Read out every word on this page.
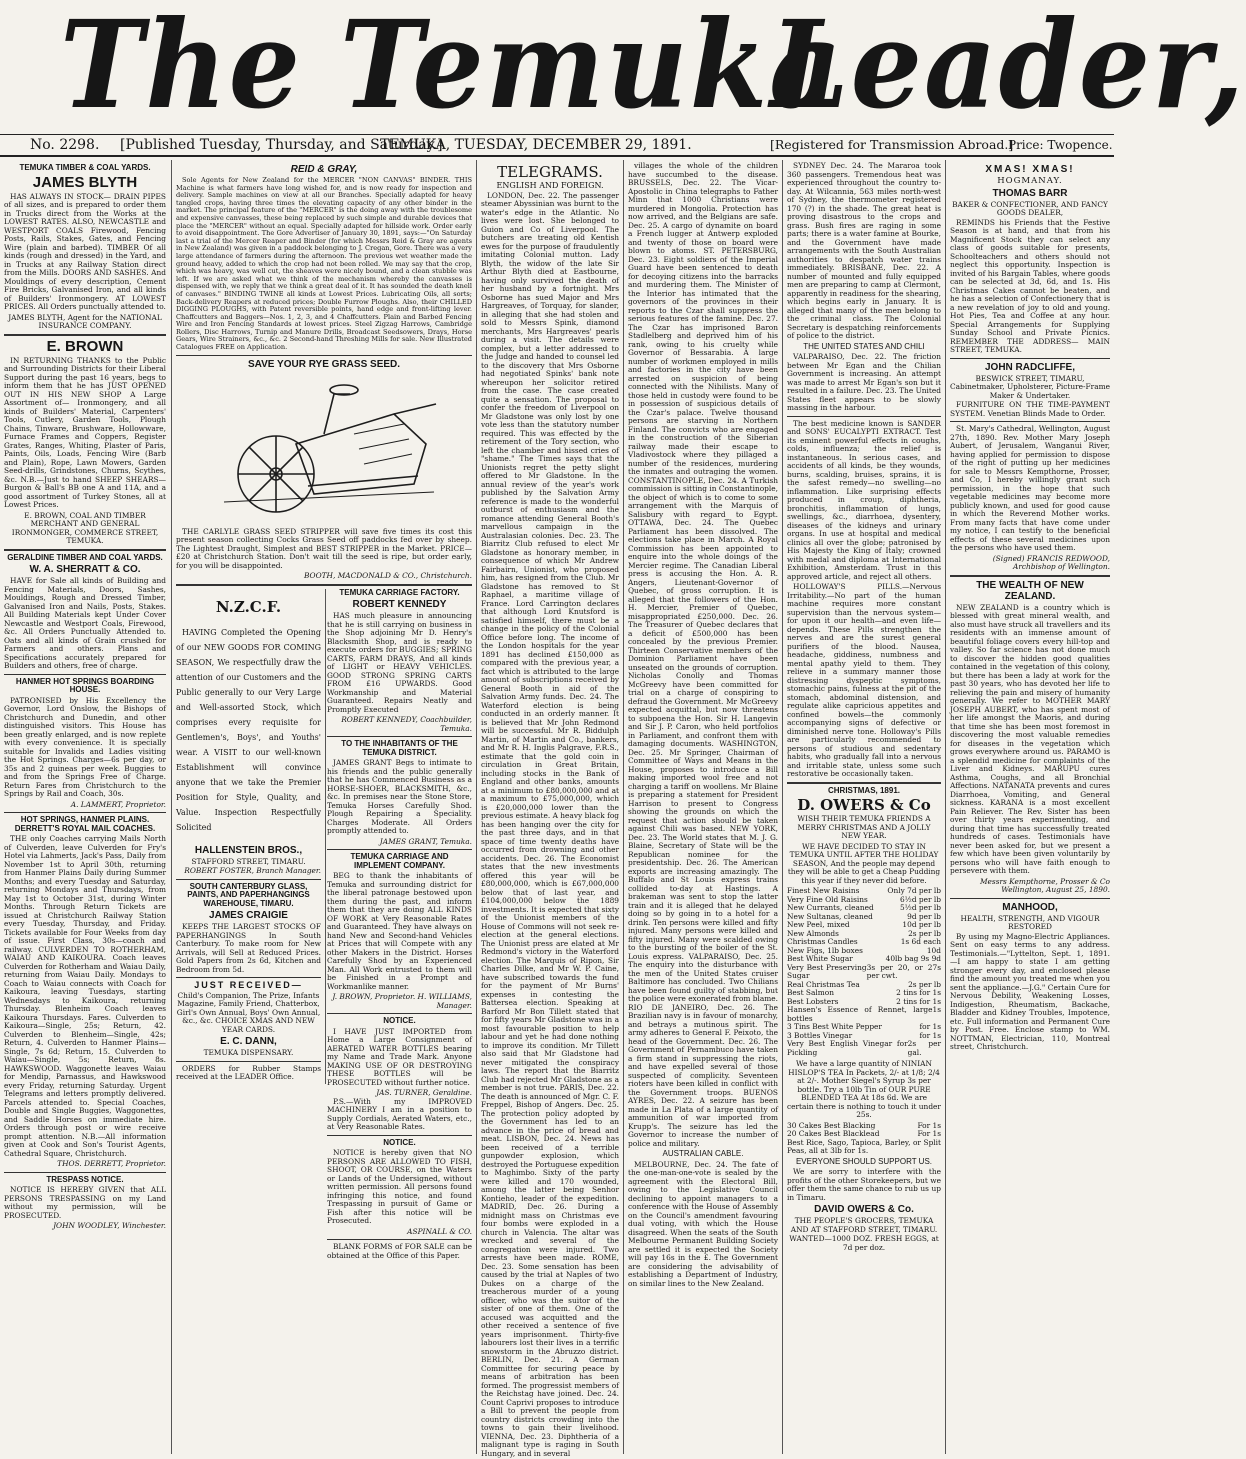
The Temuka
Leader,
No. 2298. [Published Tuesday, Thursday, and Saturday.]
TEMUKA, TUESDAY, DECEMBER 29, 1891.	[Registered for Transmission Abroad.]
Price: Twopence.
TEMUKA TIMBER & COAL YARDS.
JAMES BLYTH

HAS ALWAYS IN STOCK— DRAIN PIPES of all sizes, and is prepared to order them in Trucks direct from the Works at the LOWEST RATES. ALSO, NEWCASTLE and WESTPORT COALS Firewood, Fencing Posts, Rails, Stakes, Gates, and Fencing Wire (plain and barbed). TIMBER Of all kinds (rough and dressed) in the Yard, and in Trucks at any Railway Station direct from the Mills. DOORS AND SASHES. And Mouldings of every description, Cement Fire Bricks, Galvanised Iron, and all kinds of Builders' Ironmongery. AT LOWEST PRICES. All Orders punctually attended to.

JAMES BLYTH, Agent for the NATIONAL INSURANCE COMPANY.
E. BROWN

IN RETURNING THANKS to the Public and Surrounding Districts for their Liberal Support during the past 16 years, begs to inform them that he has JUST OPENED OUT IN HIS NEW SHOP A Large Assortment of— Ironmongery, and all kinds of Builders' Material, Carpenters' Tools, Cutlery, Garden Tools, Plough Chains, Tinware, Brushware, Hollowware, Furnace Frames and Coppers, Register Grates, Ranges, Whiting, Plaster of Paris, Paints, Oils, Loads, Fencing Wire (Barb and Plain), Rope, Lawn Mowers, Garden Seed-drills, Grindstones, Churns, Scythes, &c. N.B.—Just to hand SHEEP SHEARS— Burgon & Ball's BB one A and 11A, and a good assortment of Turkey Stones, all at Lowest Prices.

E. BROWN, COAL AND TIMBER MERCHANT AND GENERAL IRONMONGER, COMMERCE STREET, TEMUKA.
GERALDINE TIMBER AND COAL YARDS.
W. A. SHERRATT & CO.

HAVE for Sale all kinds of Building and Fencing Materials, Doors, Sashes, Mouldings, Rough and Dressed Timber, Galvanised Iron and Nails, Posts, Stakes. All Building Materials kept Under Cover Newcastle and Westport Coals, Firewood, &c. All Orders Punctually Attended to. Oats and all kinds of Grain crushed for Farmers and others. Plans and Specifications accurately prepared for Builders and others, free of charge.

HANMER HOT SPRINGS BOARDING HOUSE.

PATRONISED by His Excellency the Governor, Lord Onslow, the Bishops of Christchurch and Dunedin, and other distinguished visitors. This House has been greatly enlarged, and is now replete with every convenience. It is specially suitable for Invalids and Ladies visiting the Hot Springs. Charges—6s per day, or 35s and 2 guineas per week. Buggies to and from the Springs Free of Charge. Return Fares from Christchurch to the Springs by Rail and Coach, 30s.

A. LAMMERT, Proprietor.
HOT SPRINGS, HANMER PLAINS. DERRETT'S ROYAL MAIL COACHES.

THE only Coaches carrying Mails North of Culverden, leave Culverden for Fry's Hotel via Lahmerts, Jack's Pass, Daily from November 1st to April 30th, returning from Hanmer Plains Daily during Summer Months; and every Tuesday and Saturday, returning Mondays and Thursdays, from May 1st to October 31st, during Winter Months. Through Return Tickets are issued at Christchurch Railway Station every Tuesday, Thursday, and Friday. Tickets available for Four Weeks from day of issue. First Class, 30s—coach and railway. CULVERDEN TO ROTHERHAM, WAIAU AND KAIKOURA. Coach leaves Culverden for Rotherham and Waiau Daily, returning from Waiau Daily. Mondays to Coach to Waiau connects with Coach for Kaikoura, leaving Tuesdays, starting Wednesdays to Kaikoura, returning Thursday. Blenheim Coach leaves Kaikoura Thursdays. Fares. Culverden to Kaikoura—Single, 25s; Return, 42. Culverden to Blenheim—Single, 42s; Return, 4. Culverden to Hanmer Plains—Single, 7s 6d; Return, 15. Culverden to Waiau—Single, 5s; Return, 8s. HAWKSWOOD. Waggonette leaves Waiau for Mendip, Parnassus, and Hawkswood every Friday, returning Saturday. Urgent Telegrams and letters promptly delivered. Parcels attended to. Special Coaches, Double and Single Buggies, Waggonettes, and Saddle Horses on immediate hire. Orders through post or wire receive prompt attention. N.B.—All information given at Cook and Son's Tourist Agents, Cathedral Square, Christchurch.

THOS. DERRETT, Proprietor.
TRESPASS NOTICE.

NOTICE IS HEREBY GIVEN that ALL PERSONS TRESPASSING on my Land without my permission, will be PROSECUTED.

JOHN WOODLEY, Winchester.
REID & GRAY,

Sole Agents for New Zealand for the MERCER "NON CANVAS" BINDER. THIS Machine is what farmers have long wished for, and is now ready for inspection and delivery. Sample machines on view at all our Branches. Specially adapted for heavy tangled crops, having three times the elevating capacity of any other binder in the market. The principal feature of the "MERCER" is the doing away with the troublesome and expensive canvasses, these being replaced by such simple and durable devices that place the "MERCER" without an equal. Specially adapted for hillside work. Order early to avoid disappointment. The Gore Advertiser of January 30, 1891, says:—"On Saturday last a trial of the Mercer Reaper and Binder (for which Messrs Reid & Gray are agents in New Zealand) was given in a paddock belonging to J. Cregan, Gore. There was a very large attendance of farmers during the afternoon. The previous wet weather made the ground heavy, added to which the crop had not been rolled. We may say that the crop, which was heavy, was well cut, the sheaves were nicely bound, and a clean stubble was left. If we are asked what we think of the mechanism whereby the canvasses is dispensed with, we reply that we think a great deal of it. It has sounded the death knell of canvases." BINDING TWINE all kinds at Lowest Prices. Lubricating Oils, all sorts; Back-delivery Reapers at reduced prices; Double Furrow Ploughs. Also, their CHILLED DIGGING PLOUGHS, with Patent reversible points, hand edge and front-lifting lever. Chaffcutters and Baggers—Nos. 1, 2, 3, and 4 Chaffcutters. Plain and Barbed Fencing Wire and Iron Fencing Standards at lowest prices. Steel Zigzag Harrows, Cambridge Rollers, Disc Harrows, Turnip and Manure Drills, Broadcast Seedsowers, Drays, Horse Gears, Wire Strainers, &c., &c. 2 Second-hand Threshing Mills for sale. New Illustrated Catalogues FREE on Application.

SAVE YOUR RYE GRASS SEED.

THE CARLYLE GRASS SEED STRIPPER will save five times its cost this present season collecting Cocks Grass Seed off paddocks fed over by sheep. The Lightest Draught, Simplest and BEST STRIPPER in the Market. PRICE—£20 at Christchurch Station. Don't wait till the seed is ripe, but order early, for you will be disappointed.

BOOTH, MACDONALD & CO., Christchurch.
N.Z.C.F.

HAVING Completed the Opening of our NEW GOODS FOR COMING SEASON, We respectfully draw the attention of our Customers and the Public generally to our Very Large and Well-assorted Stock, which comprises every requisite for Gentlemen's, Boys', and Youths' wear. A VISIT to our well-known Establishment will convince anyone that we take the Premier Position for Style, Quality, and Value. Inspection Respectfully Solicited

HALLENSTEIN BROS.,
STAFFORD STREET, TIMARU.
ROBERT FOSTER, Branch Manager.
SOUTH CANTERBURY GLASS, PAINTS, AND PAPERHANGINGS WAREHOUSE, TIMARU.
JAMES CRAIGIE

KEEPS THE LARGEST STOCKS OF PAPERHANGINGS In South Canterbury. To make room for New Arrivals, will Sell at Reduced Prices. Gold Papers from 2s 6d, Kitchen and Bedroom from 5d.

JUST RECEIVED—

Child's Companion, The Prize, Infants Magazine, Family Friend, Chatterbox, Girl's Own Annual, Boys' Own Annual, &c., &c. CHOICE XMAS AND NEW YEAR CARDS.

E. C. DANN,
TEMUKA DISPENSARY.

ORDERS for Rubber Stamps received at the LEADER Office.

TEMUKA CARRIAGE FACTORY.
ROBERT KENNEDY

HAS much pleasure in announcing that he is still carrying on business in the Shop adjoining Mr D. Henry's Blacksmith Shop, and is ready to execute orders for BUGGIES; SPRING CARTS, FARM DRAYS, And all kinds of LIGHT or HEAVY VEHICLES. GOOD STRONG SPRING CARTS FROM £16 UPWARDS. Good Workmanship and Material Guaranteed. Repairs Neatly and Promptly Executed

ROBERT KENNEDY, Coachbuilder, Temuka.
TO THE INHABITANTS OF THE TEMUKA DISTRICT.

JAMES GRANT Begs to intimate to his friends and the public generally that he has Commenced Business as a HORSE-SHOER, BLACKSMITH, &c., &c. In premises near the Stone Store, Temuka Horses Carefully Shod. Plough Repairing a Speciality. Charges Moderate. All Orders promptly attended to.

JAMES GRANT, Temuka.
TEMUKA CARRIAGE AND IMPLEMENT COMPANY.

BEG to thank the inhabitants of Temuka and surrounding district for the liberal patronage bestowed upon them during the past, and inform them that they are doing ALL KINDS OF WORK at Very Reasonable Rates and Guaranteed. They have always on hand New and Second-hand Vehicles at Prices that will Compete with any other Makers in the District. Horses Carefully Shod by an Experienced Man. All Work entrusted to them will be Finished in a Prompt and Workmanlike manner.

J. BROWN, Proprietor. H. WILLIAMS, Manager.
NOTICE.

I HAVE JUST IMPORTED from Home a Large Consignment of AERATED WATER BOTTLES bearing my Name and Trade Mark. Anyone MAKING USE OF OR DESTROYING THESE BOTTLES will be PROSECUTED without further notice.

JAS. TURNER, Geraldine.

P.S.—With my IMPROVED MACHINERY I am in a position to Supply Cordials, Aerated Waters, etc., at Very Reasonable Rates.

NOTICE.

NOTICE is hereby given that NO PERSONS ARE ALLOWED TO FISH, SHOOT, OR COURSE, on the Waters or Lands of the Undersigned, without written permission. All persons found infringing this notice, and found Trespassing in pursuit of Game or Fish after this notice will be Prosecuted.

ASPINALL & CO.

BLANK FORMS of FOR SALE can be obtained at the Office of this Paper.

TELEGRAMS.
ENGLISH AND FOREIGN.

LONDON, Dec. 22. The passenger steamer Abyssinian was burnt to the water's edge in the Atlantic. No lives were lost. She belonged to Guion and Co of Liverpool. The butchers are treating old Kentish ewes for the purpose of fraudulently imitating Colonial mutton. Lady Blyth, the widow of the late Sir Arthur Blyth died at Eastbourne, having only survived the death of her husband by a fortnight. Mrs Osborne has sued Major and Mrs Hargreaves, of Torquay, for slander, in alleging that she had stolen and sold to Messrs Spink, diamond merchants, Mrs Hargreaves' pearls during a visit. The details were complex, but a letter addressed to the Judge and handed to counsel led to the discovery that Mrs Osborne had negotiated Spinks' bank note whereupon her solicitor retired from the case. The case created quite a sensation. The proposal to confer the freedom of Liverpool on Mr Gladstone was only lost by one vote less than the statutory number required. This was effected by the retirement of the Tory section, who left the chamber and hissed cries of "shame." The Times says that the Unionists regret the petty slight offered to Mr Gladstone. In the annual review of the year's work published by the Salvation Army reference is made to the wonderful outburst of enthusiasm and the romance attending General Booth's marvellous campaign in the Australasian colonies. Dec. 23. The Biarritz Club refused to elect Mr Gladstone as honorary member, in consequence of which Mr Andrew Fairbairn, Unionist, who proposed him, has resigned from the Club. Mr Gladstone has removed to St Raphael, a maritime village of France. Lord Carrington declares that although Lord Knutsford is satisfied himself, there must be a change in the policy of the Colonial Office before long. The income of the London hospitals for the year 1891 has declined £150,000 as compared with the previous year, a fact which is attributed to the large amount of subscriptions received by General Booth in aid of the Salvation Army funds. Dec. 24. The Waterford election is being conducted in an orderly manner. It is believed that Mr John Redmond will be successful. Mr R. Biddulph Martin, of Martin and Co., bankers, and Mr R. H. Inglis Palgrave, F.R.S., estimate that the gold coin in circulation in Great Britain, including stocks in the Bank of England and other banks, amounts at a minimum to £80,000,000 and at a maximum to £75,000,000, which is £20,000,000 lower than the previous estimate. A heavy black fog has been hanging over the city for the past three days, and in that space of time twenty deaths have occurred from drowning and other accidents. Dec. 26. The Economist states that the new investments offered this year will be £80,000,000, which is £67,000,000 below that of last year, and £104,000,000 below the 1889 investments. It is expected that sixty of the Unionist members of the House of Commons will not seek re-election at the general elections. The Unionist press are elated at Mr Redmond's victory in the Waterford election. The Marquis of Ripon, Sir Charles Dilke, and Mr W. P. Caine, have subscribed towards the fund for the payment of Mr Burns' expenses in contesting the Battersea election. Speaking at Barford Mr Bon Tillett stated that for fifty years Mr Gladstone was in a most favourable position to help labour and yet he had done nothing to improve its condition. Mr Tillett also said that Mr Gladstone had never mitigated the conspiracy laws. The report that the Biarritz Club had rejected Mr Gladstone as a member is not true. PARIS, Dec. 22. The death is announced of Mgr. C. F. Freppel, Bishop of Angers. Dec. 25. The protection policy adopted by the Government has led to an advance in the price of bread and meat. LISBON, Dec. 24. News has been received of a terrible gunpowder explosion, which destroyed the Portuguese expedition to Maghimbo. Sixty of the party were killed and 170 wounded, among the latter being Senhor Kontieho, leader of the expedition. MADRID, Dec. 26. During a midnight mass on Christmas eve four bombs were exploded in a church in Valencia. The altar was wrecked and several of the congregation were injured. Two arrests have been made. ROME, Dec. 23. Some sensation has been caused by the trial at Naples of two Dukes on a charge of the treacherous murder of a young officer, who was the suitor of the sister of one of them. One of the accused was acquitted and the other received a sentence of five years imprisonment. Thirty-five labourers lost their lives in a terrific snowstorm in the Abruzzo district. BERLIN, Dec. 21. A German Committee for securing peace by means of arbitration has been formed. The progressist members of the Reichstag have joined. Dec. 24. Count Caprivi proposes to introduce a Bill to prevent the people from country districts crowding into the towns to gain their livelihood. VIENNA, Dec. 23. Diphtheria of a malignant type is raging in South Hungary, and in several

villages the whole of the children have succumbed to the disease. BRUSSELS, Dec. 22. The Vicar-Apostolic in China telegraphs to Father Minn that 1000 Christians were murdered in Mongolia. Protection has now arrived, and the Belgians are safe. Dec. 25. A cargo of dynamite on board a French lugger at Antwerp exploded and twenty of those on board were blown to atoms. ST. PETERSBURG, Dec. 23. Eight soldiers of the Imperial Guard have been sentenced to death for decoying citizens into the barracks and murdering them. The Minister of the Interior has intimated that the governors of the provinces in their reports to the Czar shall suppress the serious features of the famine. Dec. 27. The Czar has imprisoned Baron Stadlelberg and deprived him of his rank, owing to his cruelty while Governor of Bessarabia. A large number of workmen employed in mills and factories in the city have been arrested on suspicion of being connected with the Nihilists. Many of those held in custody were found to be in possession of suspicious details of the Czar's palace. Twelve thousand persons are starving in Northern Finland. The convicts who are engaged in the construction of the Siberian railway made their escape to Vladivostock where they pillaged a number of the residences, murdering the inmates and outraging the women. CONSTANTINOPLE, Dec. 24. A Turkish commission is sitting in Constantinople, the object of which is to come to some arrangement with the Marquis of Salisbury with regard to Egypt. OTTAWA, Dec. 24. The Quebec Parliament has been dissolved. The elections take place in March. A Royal Commission has been appointed to enquire into the whole doings of the Mercier regime. The Canadian Liberal press is accusing the Hon. A. R. Angers, Lieutenant-Governor of Quebec, of gross corruption. It is alleged that the followers of the Hon. H. Mercier, Premier of Quebec, misappropriated £250,000. Dec. 26. The Treasurer of Quebec declares that a deficit of £500,000 has been concealed by the previous Premier. Thirteen Conservative members of the Dominion Parliament have been unseated on the grounds of corruption. Nicholas Conolly and Thomas McGreevy have been committed for trial on a charge of conspiring to defraud the Government. Mr McGreevy expected acquittal, but now threatens to subpoena the Hon. Sir H. Langevin and Sir J. P. Caron, who held portfolios in Parliament, and confront them with damaging documents. WASHINGTON, Dec. 25. Mr Springer, Chairman of Committee of Ways and Means in the House, proposes to introduce a Bill making imported wool free and not charging a tariff on woollens. Mr Blaine is preparing a statement for President Harrison to present to Congress showing the grounds on which the request that action should be taken against Chili was based. NEW YORK, Dec. 23. The World states that M. J. G. Blaine, Secretary of State will be the Republican nominee for the presidentship. Dec. 26. The American exports are increasing amazingly. The Buffalo and St Louis express trains collided to-day at Hastings. A brakeman was sent to stop the latter train and it is alleged that he delayed doing so by going in to a hotel for a drink. Ten persons were killed and fifty injured. Many persons were killed and fifty injured. Many were scalded owing to the bursting of the boiler of the St. Louis express. VALPARAISO, Dec. 25. The enquiry into the disturbance with the men of the United States cruiser Baltimore has concluded. Two Chilians have been found guilty of stabbing, but the police were exonerated from blame. RIO DE JANEIRO, Dec. 26. The Brazilian navy is in favour of monarchy, and betrays a mutinous spirit. The army adheres to General F. Peixoto, the head of the Government. Dec. 26. The Government of Pernambuco have taken a firm stand in suppressing the riots, and have expelled several of those suspected of complicity. Seventeen rioters have been killed in conflict with the Government troops. BUENOS AYRES, Dec. 22. A seizure has been made in La Plata of a large quantity of ammunition of war imported from Krupp's. The seizure has led the Governor to increase the number of police and military.

AUSTRALIAN CABLE.

MELBOURNE, Dec. 24. The fate of the one-man-one-vote is sealed by the agreement with the Electoral Bill, owing to the Legislative Council declining to appoint managers to a conference with the House of Assembly on the Council's amendment favouring dual voting, with which the House disagreed. When the seats of the South Melbourne Permanent Building Society are settled it is expected the Society will pay 16s in the £. The Government are considering the advisability of establishing a Department of Industry, on similar lines to the New Zealand.

SYDNEY Dec. 24. The Mararoa took 360 passengers. Tremendous heat was experienced throughout the country to-day. At Wilcannia, 563 miles north-west of Sydney, the thermometer registered 170 (?) in the shade. The great heat is proving disastrous to the crops and grass. Bush fires are raging in some parts; there is a water famine at Bourke, and the Government have made arrangements with the South Australian authorities to despatch water trains immediately. BRISBANE, Dec. 22. A number of mounted and fully equipped men are preparing to camp at Clermont, apparently in readiness for the shearing, which begins early in January. It is alleged that many of the men belong to the criminal class. The Colonial Secretary is despatching reinforcements of police to the district.

THE UNITED STATES AND CHILI

VALPARAISO, Dec. 22. The friction between Mr Egan and the Chilian Government is increasing. An attempt was made to arrest Mr Egan's son but it resulted in a failure. Dec. 23. The United States fleet appears to be slowly massing in the harbour.

The best medicine known is SANDER and SONS' EUCALYPTI EXTRACT. Test its eminent powerful effects in coughs, colds, influenza; the relief is instantaneous. In serious cases, and accidents of all kinds, be they wounds, burns, scalding, bruises, sprains, it is the safest remedy—no swelling—no inflammation. Like surprising effects produced in croup, diphtheria, bronchitis, inflammation of lungs, swellings, &c., diarrhoea, dysentery, diseases of the kidneys and urinary organs. In use at hospital and medical clinics all over the globe; patronised by His Majesty the King of Italy; crowned with medal and diploma at International Exhibition, Amsterdam. Trust in this approved article, and reject all others.

HOLLOWAY'S PILLS.—Nervous Irritability.—No part of the human machine requires more constant supervision than the nervous system—for upon it our health—and even life—depends. These Pills strengthen the nerves and are the surest general purifiers of the blood. Nausea, headache, giddiness, numbness and mental apathy yield to them. They relieve in a summary manner those distressing dyspeptic symptoms, stomachic pains, fulness at the pit of the stomach, abdominal distension, and regulate alike capricious appetites and confined bowels—the commonly accompanying signs of defective or diminished nerve tone. Holloway's Pills are particularly recommended to persons of studious and sedentary habits, who gradually fall into a nervous and irritable state, unless some such restorative be occasionally taken.

CHRISTMAS, 1891.
D. OWERS & Co

WISH THEIR TEMUKA FRIENDS A MERRY CHRISTMAS AND A JOLLY NEW YEAR.

WE HAVE DECIDED TO STAY IN TEMUKA UNTIL AFTER THE HOLIDAY SEASON, And the people may depend they will be able to get a Cheap Pudding this year if they never did before.

Finest New Raisins	Only 7d per lb
Very Fine Old Raisins	6½d per lb
New Currants, cleaned	5½d per lb
New Sultanas, cleaned	9d per lb
New Peel, mixed	10d per lb
New Almonds	2s per lb
Christmas Candles	1s 6d each
New Figs, 1lb boxes	10d
Best White Sugar	40lb bag 9s 9d
Very Best Preserving Sugar
3s per 20, or 27s per cwt.
Real Christmas Tea	2s per lb
Best Salmon	2 tins for 1s
Best Lobsters	2 tins for 1s
Hansen's Essence of Rennet, large bottles
1s
3 Tins Best White Pepper	for 1s
3 Bottles Vinegar	for 1s
Very Best English Vinegar for Pickling
2s per gal.

We have a large quantity of NINIAN HISLOP'S TEA In Packets, 2/- at 1/8; 2/4 at 2/-. Mother Siegel's Syrup 3s per bottle. Try a 10lb Tin of OUR PURE BLENDED TEA At 18s 6d. We are certain there is nothing to touch it under 25s.

30 Cakes Best Blacking	For 1s
20 Cakes Best Blacklead	For 1s
Best Rice, Sago, Tapioca, Barley, or Split Peas, all at 3lb for 1s.
EVERYONE SHOULD SUPPORT US.

We are sorry to interfere with the profits of the other Storekeepers, but we offer them the same chance to rub us up in Timaru.

DAVID OWERS & Co.
THE PEOPLE'S GROCERS, TEMUKA AND AT STAFFORD STREET, TIMARU.
WANTED—1000 DOZ. FRESH EGGS, at 7d per doz.
XMAS! XMAS!
HOGMANAY.
THOMAS BARR
BAKER & CONFECTIONER, AND FANCY GOODS DEALER,

REMINDS his Friends that the Festive Season is at hand, and that from his Magnificent Stock they can select any class of goods suitable for presents, Schoolteachers and others should not neglect this opportunity. Inspection is invited of his Bargain Tables, where goods can be selected at 3d, 6d, and 1s. His Christmas Cakes cannot be beaten, and he has a selection of Confectionery that is a new revelation of joy to old and young. Hot Pies, Tea and Coffee at any hour. Special Arrangements for Supplying Sunday School and Private Picnics. REMEMBER THE ADDRESS— MAIN STREET, TEMUKA.

JOHN RADCLIFFE,
BESWICK STREET, TIMARU, Cabinetmaker, Upholsterer, Picture-Frame Maker & Undertaker.

FURNITURE ON THE TIME-PAYMENT SYSTEM. Venetian Blinds Made to Order.

St. Mary's Cathedral, Wellington, August 27th, 1890. Rev. Mother Mary Joseph Aubert, of Jerusalem, Wanganui River, having applied for permission to dispose of the right of putting up her medicines for sale to Messrs Kempthorne, Prosser, and Co, I hereby willingly grant such permission, in the hope that such vegetable medicines may become more publicly known, and used for good cause in which the Reverend Mother works. From many facts that have come under my notice, I can testify to the beneficial effects of these several medicines upon the persons who have used them.

(Signed) FRANCIS REDWOOD, Archbishop of Wellington.
THE WEALTH OF NEW ZEALAND.

NEW ZEALAND is a country which is blessed with great mineral wealth, and also must have struck all travellers and its residents with an immense amount of beautiful foliage covers every hill-top and valley. So far science has not done much to discover the hidden good qualities contained in the vegetation of this colony, but there has been a lady at work for the past 30 years, who has devoted her life to relieving the pain and misery of humanity generally. We refer to MOTHER MARY JOSEPH AUBERT, who has spent most of her life amongst the Maoris, and during that time she has been most foremost in discovering the most valuable remedies for diseases in the vegetation which grows everywhere around us. PARAMO is a splendid medicine for complaints of the Liver and Kidneys. MARUPU cures Asthma, Coughs, and all Bronchial Affections. NATANATA prevents and cures Diarrhoea, Vomiting, and General sickness. KARANA is a most excellent Pain Reliever. The Rev. Sister has been over thirty years experimenting, and during that time has successfully treated hundreds of cases. Testimonials have never been asked for, but we present a few which have been given voluntarily by persons who will have faith enough to persevere with them.

Messrs Kempthorne, Prosser & Co Wellington, August 25, 1890.
MANHOOD,
HEALTH, STRENGTH, AND VIGOUR RESTORED

By using my Magno-Electric Appliances. Sent on easy terms to any address. Testimonials.—"Lyttelton, Sept. 1, 1891. —I am happy to state I am getting stronger every day, and enclosed please find the amount you treated me when you sent the appliance.—J.G." Certain Cure for Nervous Debility, Weakening Losses, Indigestion, Rheumatism, Backache, Bladder and Kidney Troubles, Impotence, etc. Full information and Permanent Cure by Post. Free. Enclose stamp to WM. NOTTMAN, Electrician, 110, Montreal street, Christchurch.
